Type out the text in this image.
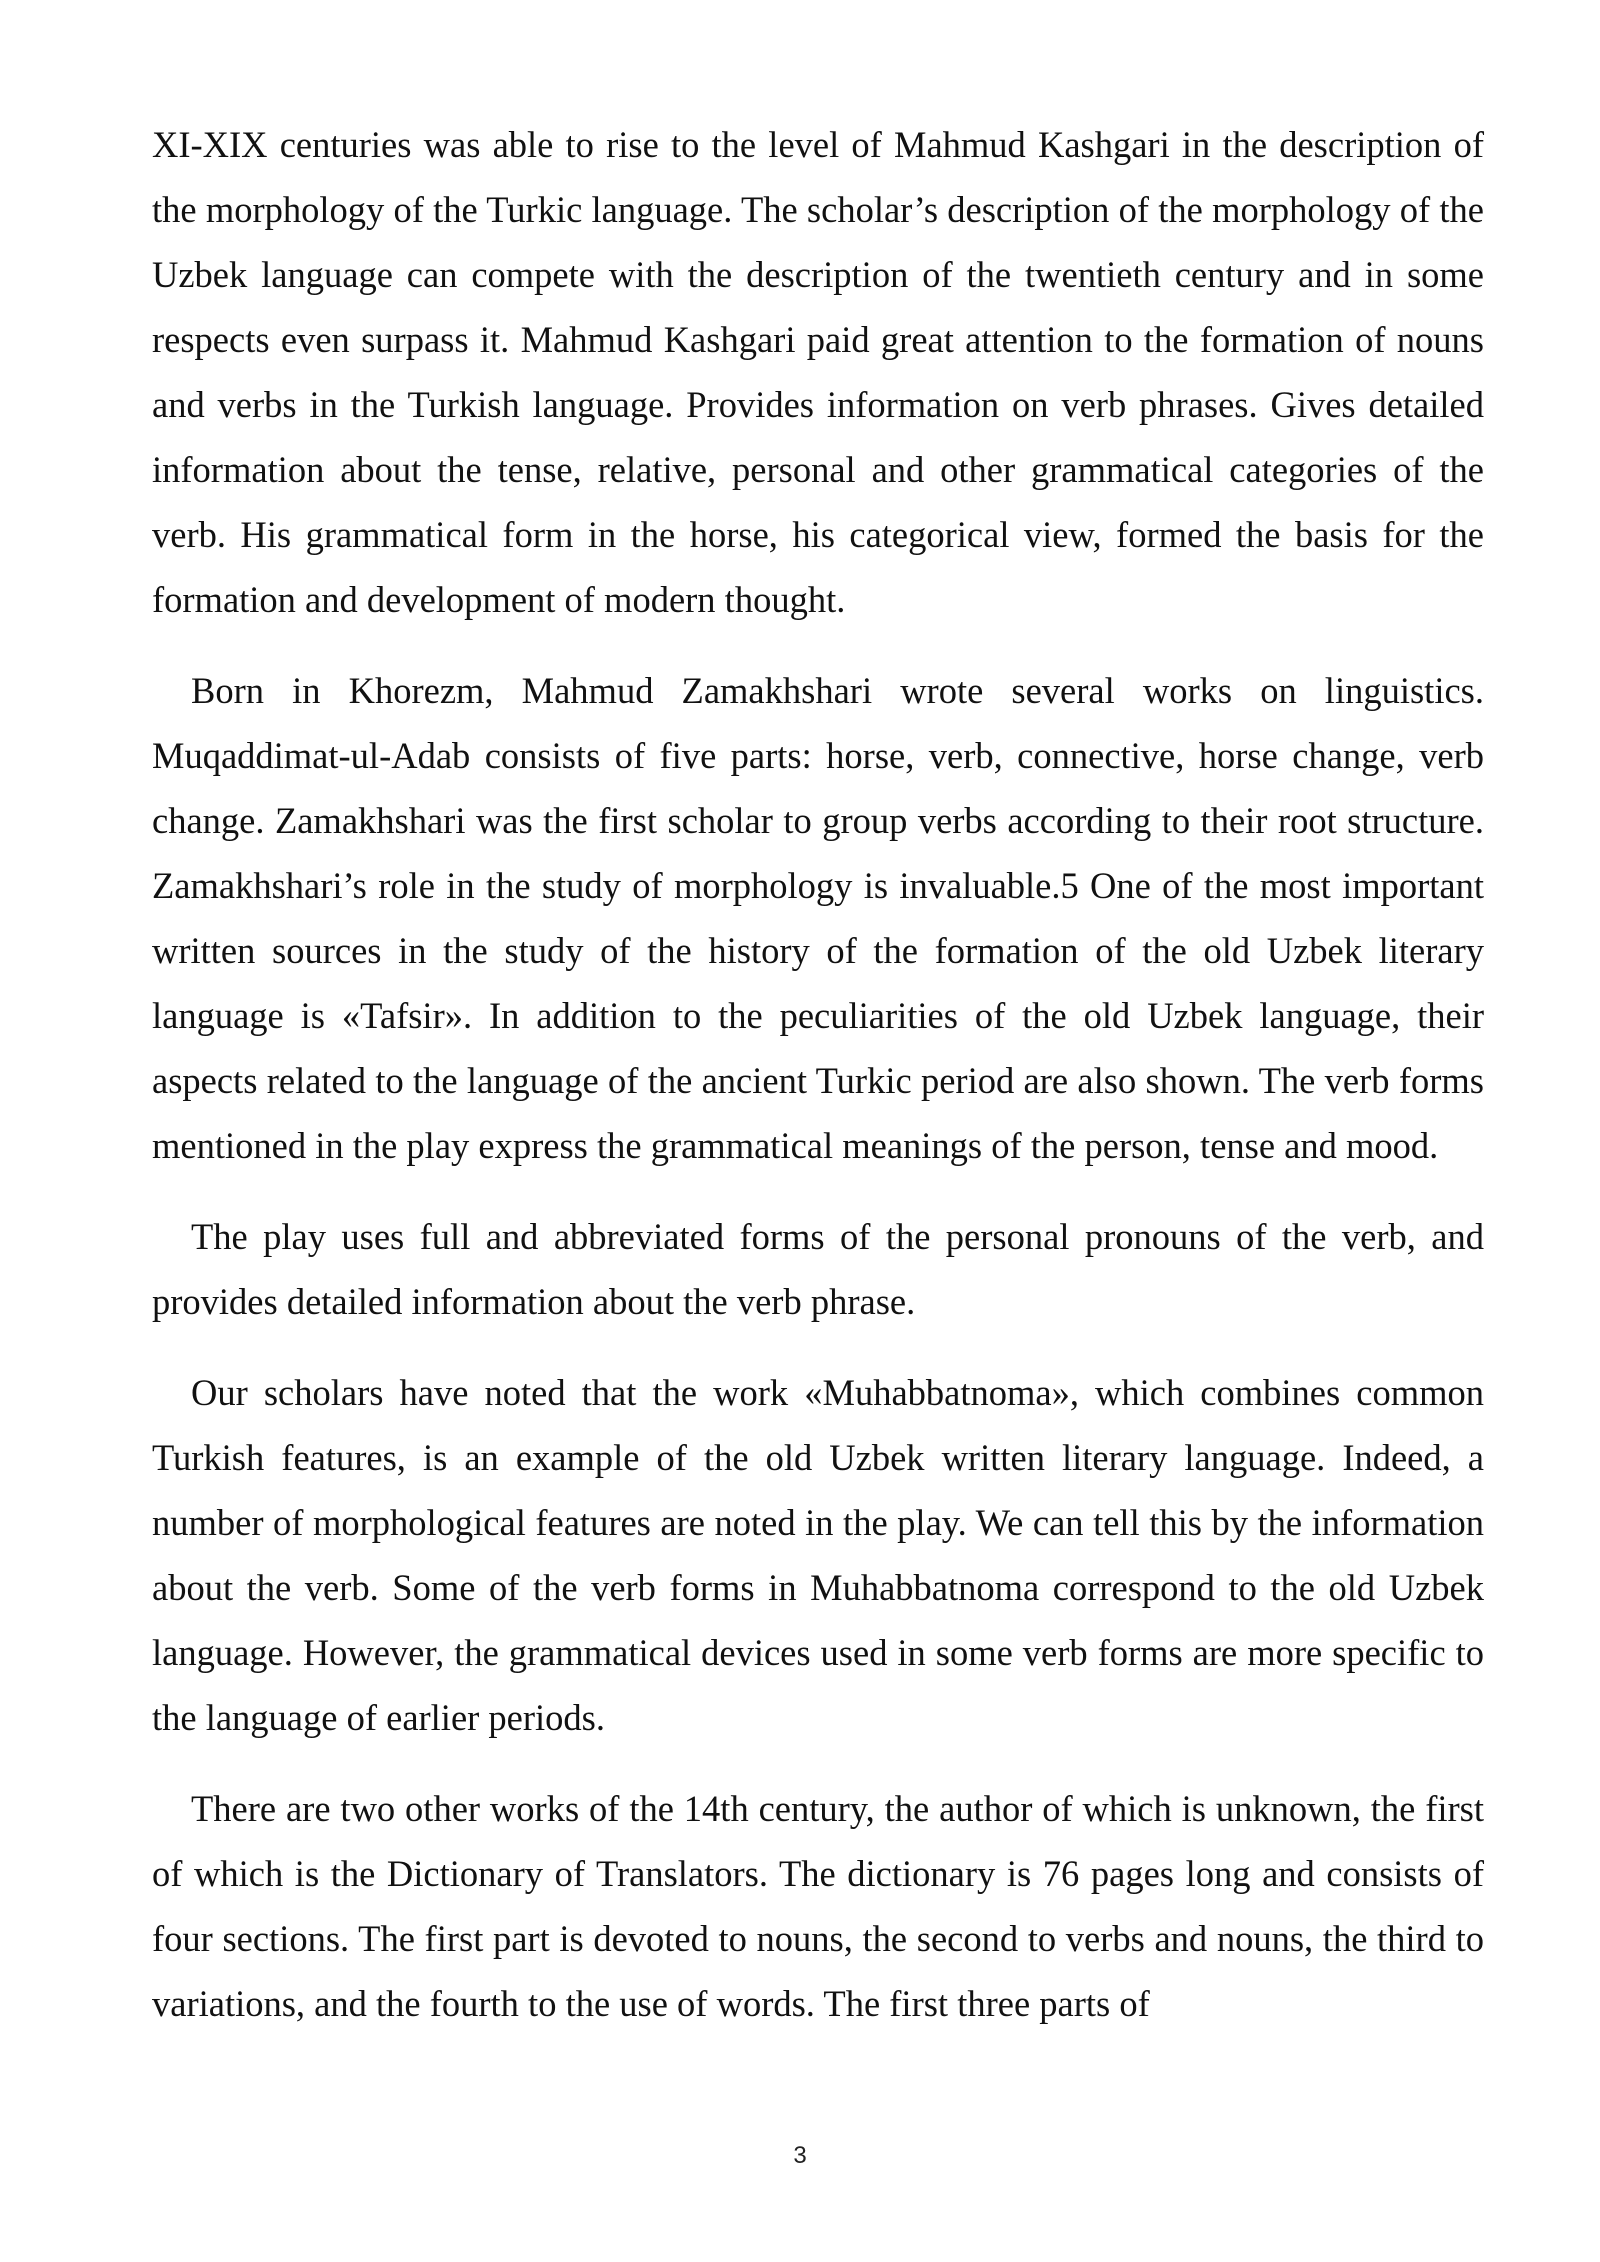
XI-XIX centuries was able to rise to the level of Mahmud Kashgari in the description of the morphology of the Turkic language. The scholar’s description of the morphology of the Uzbek language can compete with the description of the twentieth century and in some respects even surpass it. Mahmud Kashgari paid great attention to the formation of nouns and verbs in the Turkish language. Provides information on verb phrases. Gives detailed information about the tense, relative, personal and other grammatical categories of the verb. His grammatical form in the horse, his categorical view, formed the basis for the formation and development of modern thought.

Born in Khorezm, Mahmud Zamakhshari wrote several works on linguistics. Muqaddimat-ul-Adab consists of five parts: horse, verb, connective, horse change, verb change. Zamakhshari was the first scholar to group verbs according to their root structure. Zamakhshari’s role in the study of morphology is invaluable.5 One of the most important written sources in the study of the history of the formation of the old Uzbek literary language is «Tafsir». In addition to the peculiarities of the old Uzbek language, their aspects related to the language of the ancient Turkic period are also shown. The verb forms mentioned in the play express the grammatical meanings of the person, tense and mood.

The play uses full and abbreviated forms of the personal pronouns of the verb, and provides detailed information about the verb phrase.

Our scholars have noted that the work «Muhabbatnoma», which combines common Turkish features, is an example of the old Uzbek written literary language. Indeed, a number of morphological features are noted in the play. We can tell this by the information about the verb. Some of the verb forms in Muhabbatnoma correspond to the old Uzbek language. However, the grammatical devices used in some verb forms are more specific to the language of earlier periods.

There are two other works of the 14th century, the author of which is unknown, the first of which is the Dictionary of Translators. The dictionary is 76 pages long and consists of four sections. The first part is devoted to nouns, the second to verbs and nouns, the third to variations, and the fourth to the use of words. The first three parts of

3
